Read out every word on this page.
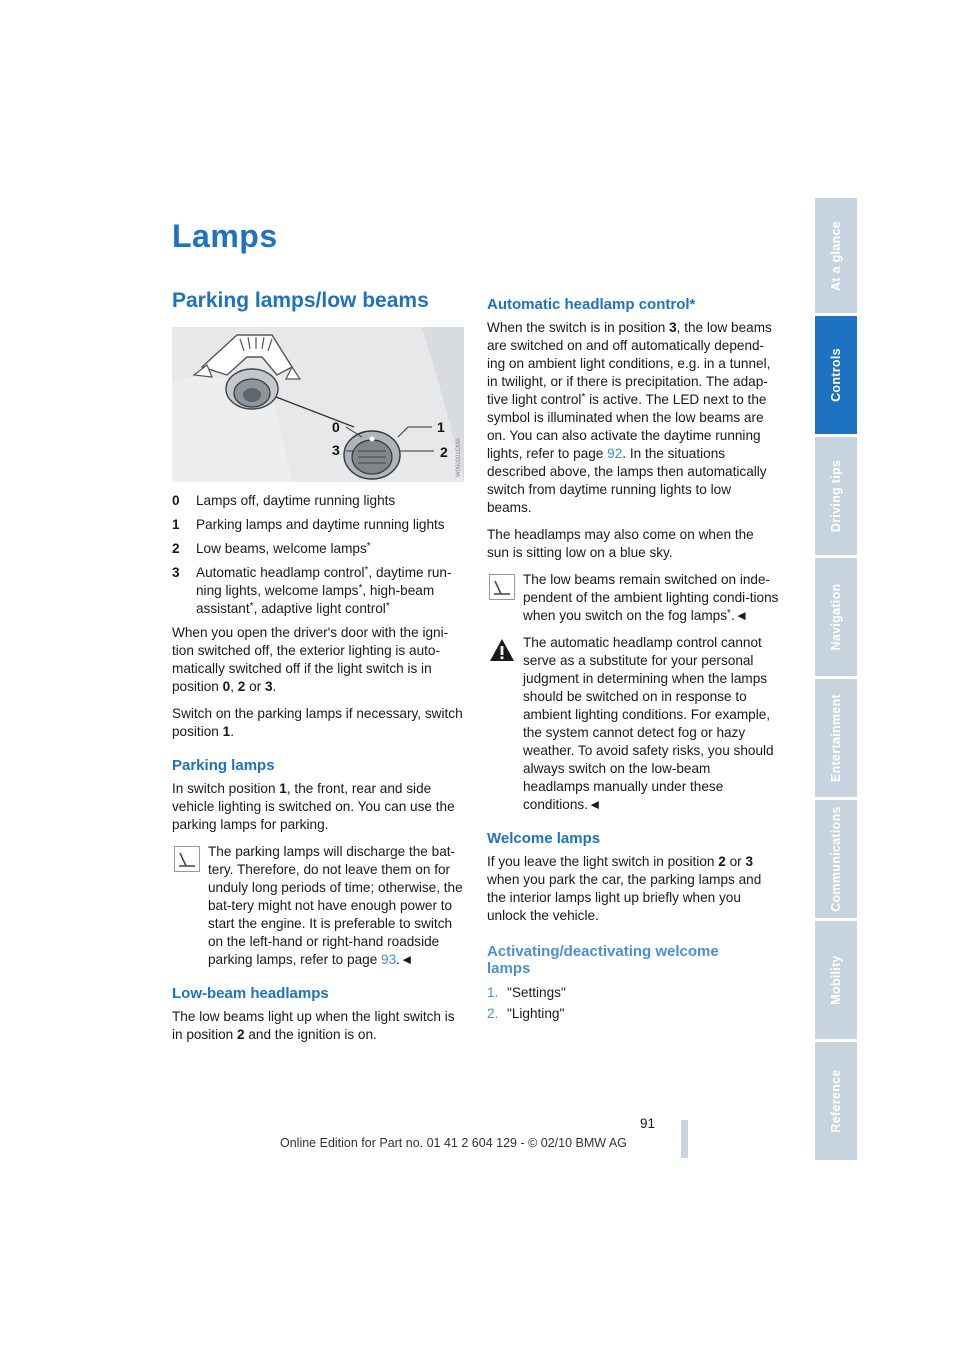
Lamps
Parking lamps/low beams
0	1
2
3	W060001CMA
0	Lamps off, daytime running lights
1	Parking lamps and daytime running lights
2	Low beams, welcome lamps*
3	Automatic headlamp control*, daytime run-ning lights, welcome lamps*, high-beam assistant*, adaptive light control*

When you open the driver's door with the igni-tion switched off, the exterior lighting is auto-matically switched off if the light switch is in position 0, 2 or 3.

Switch on the parking lamps if necessary, switch position 1.

Parking lamps

In switch position 1, the front, rear and side vehicle lighting is switched on. You can use the parking lamps for parking.

The parking lamps will discharge the bat-tery. Therefore, do not leave them on for unduly long periods of time; otherwise, the bat-tery might not have enough power to start the engine. It is preferable to switch on the left-hand or right-hand roadside parking lamps, refer to page 93.◄
Low-beam headlamps

The low beams light up when the light switch is in position 2 and the ignition is on.

Automatic headlamp control*

When the switch is in position 3, the low beams are switched on and off automatically depend-ing on ambient light conditions, e.g. in a tunnel, in twilight, or if there is precipitation. The adap-tive light control* is active. The LED next to the symbol is illuminated when the low beams are on. You can also activate the daytime running lights, refer to page 92. In the situations described above, the lamps then automatically switch from daytime running lights to low beams.

The headlamps may also come on when the sun is sitting low on a blue sky.

The low beams remain switched on inde-pendent of the ambient lighting condi-tions when you switch on the fog lamps*.◄
The automatic headlamp control cannot serve as a substitute for your personal judgment in determining when the lamps should be switched on in response to ambient lighting conditions. For example, the system cannot detect fog or hazy weather. To avoid safety risks, you should always switch on the low-beam headlamps manually under these conditions.◄
Welcome lamps

If you leave the light switch in position 2 or 3 when you park the car, the parking lamps and the interior lamps light up briefly when you unlock the vehicle.

Activating/deactivating welcome lamps
1. "Settings"
2. "Lighting"
At a glance
Controls
Driving tips
Navigation
Entertainment
Communications
Mobility
Reference
91
Online Edition for Part no. 01 41 2 604 129 - © 02/10 BMW AG
